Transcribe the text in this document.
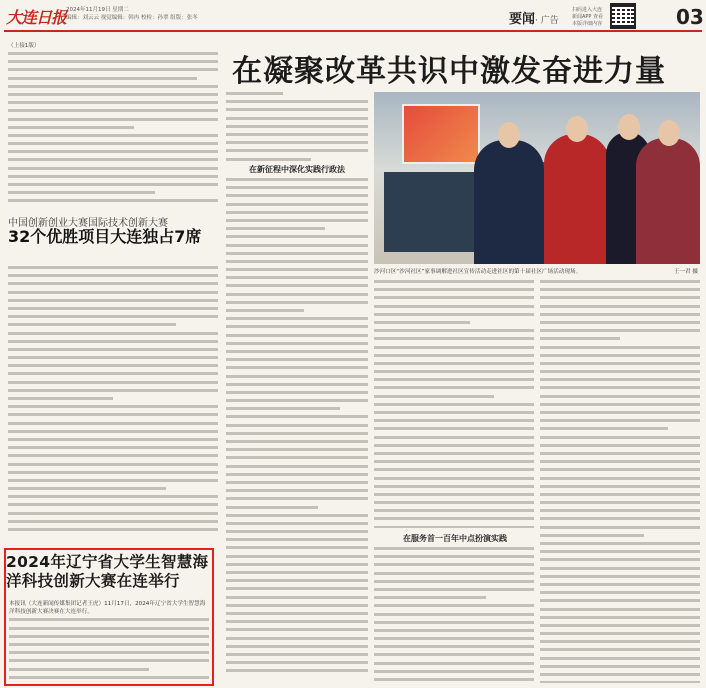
大连日报 2024年11月19日 星期二
编辑：刘云云 视觉编辑：韩冉 校检：孙翠 组版：张冬	要闻· 广告
扫码进入大连 新闻APP 查看本版详细内容	03
（上接1版）
中国创新创业大赛国际技术创新大赛
32个优胜项目大连独占7席
2024年辽宁省大学生智慧海洋科技创新大赛在连举行
本报讯（大连新闻传媒集团记者王虎）11月17日，2024年辽宁省大学生智慧海洋科技创新大赛决赛在大连举行。
在凝聚改革共识中激发奋进力量
在新征程中深化实践行政法
沙河口区“沙河社区”家事调解进社区宣传活动走进社区的第十届社区广场活动现场。	王一君 摄
在服务首一百年中点扮演实践
